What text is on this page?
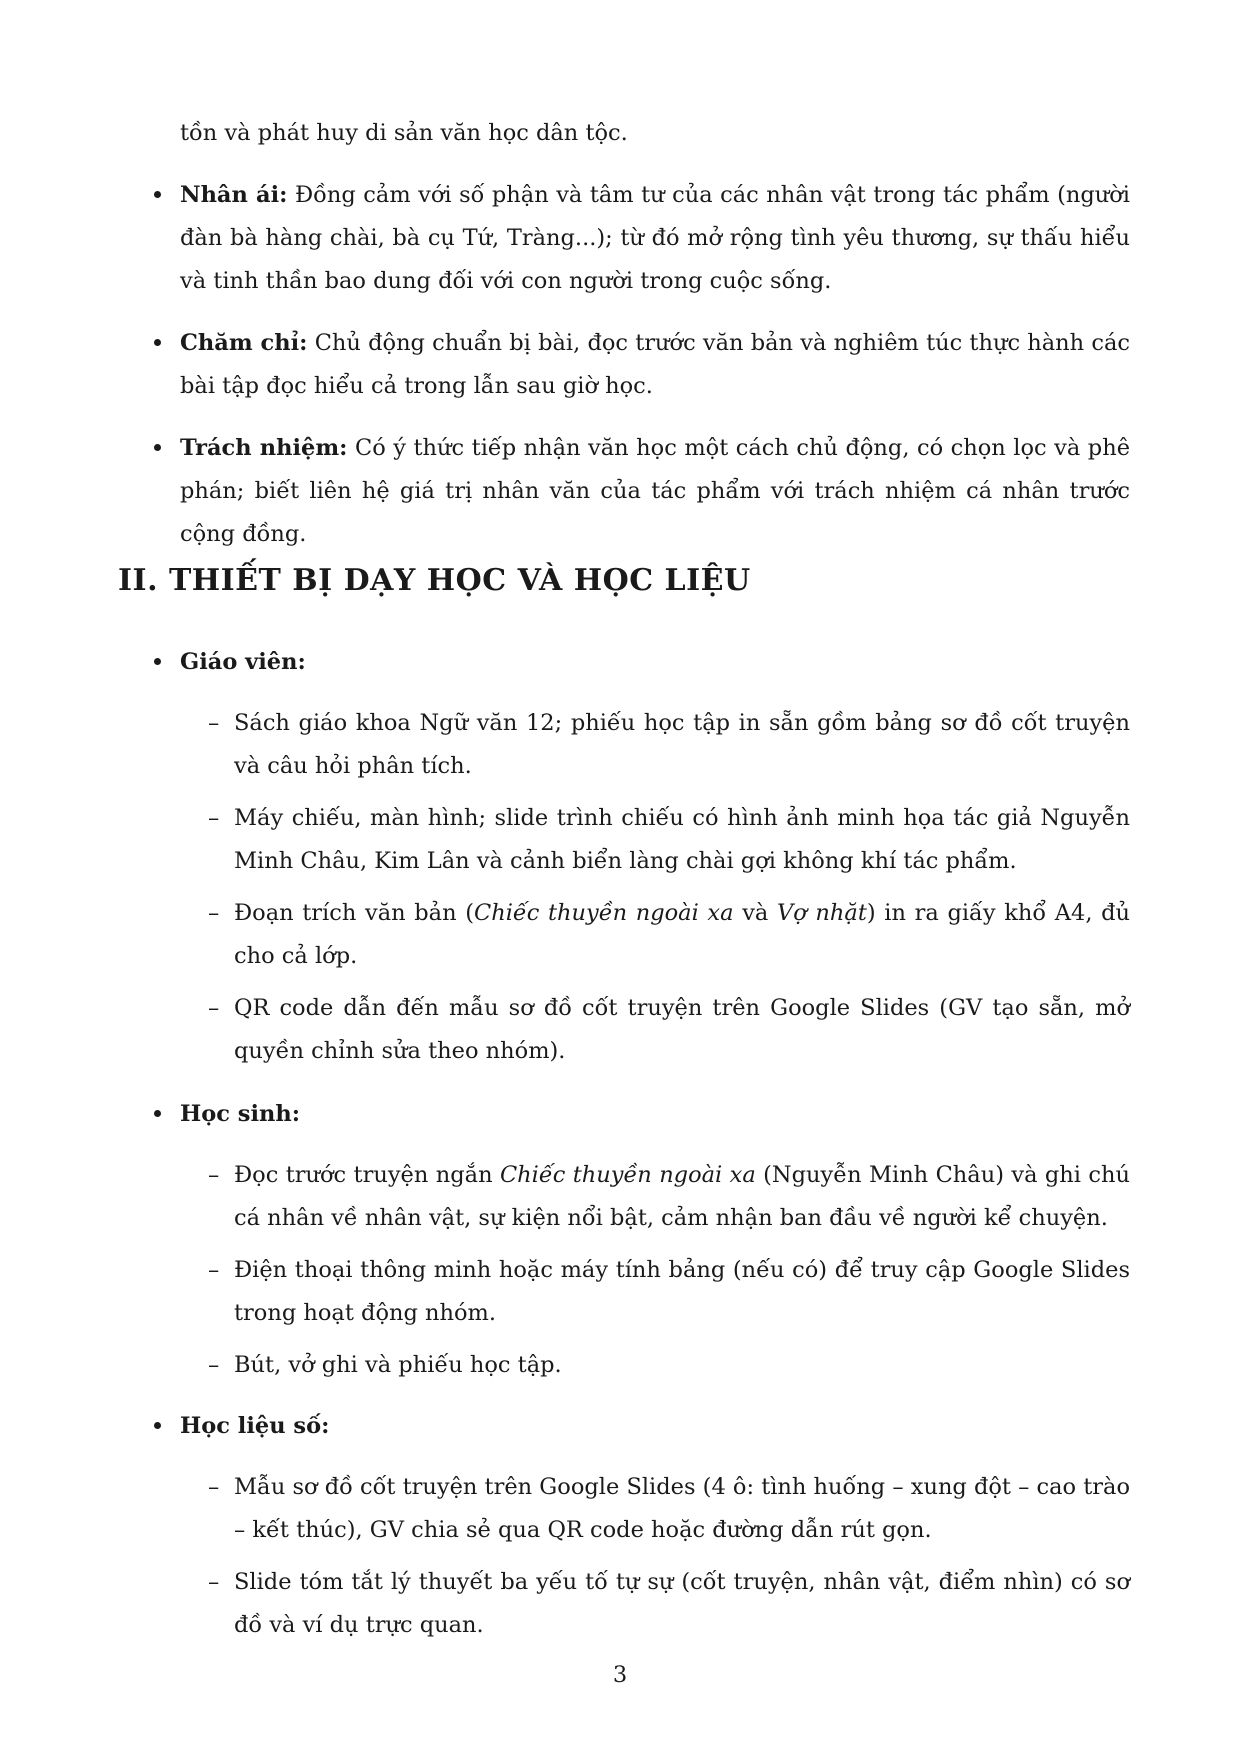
tồn và phát huy di sản văn học dân tộc.
Nhân ái: Đồng cảm với số phận và tâm tư của các nhân vật trong tác phẩm (người đàn bà hàng chài, bà cụ Tứ, Tràng...); từ đó mở rộng tình yêu thương, sự thấu hiểu và tinh thần bao dung đối với con người trong cuộc sống.
Chăm chỉ: Chủ động chuẩn bị bài, đọc trước văn bản và nghiêm túc thực hành các bài tập đọc hiểu cả trong lẫn sau giờ học.
Trách nhiệm: Có ý thức tiếp nhận văn học một cách chủ động, có chọn lọc và phê phán; biết liên hệ giá trị nhân văn của tác phẩm với trách nhiệm cá nhân trước cộng đồng.
II. THIẾT BỊ DẠY HỌC VÀ HỌC LIỆU
Giáo viên:
– Sách giáo khoa Ngữ văn 12; phiếu học tập in sẵn gồm bảng sơ đồ cốt truyện và câu hỏi phân tích.
– Máy chiếu, màn hình; slide trình chiếu có hình ảnh minh họa tác giả Nguyễn Minh Châu, Kim Lân và cảnh biển làng chài gợi không khí tác phẩm.
– Đoạn trích văn bản (Chiếc thuyền ngoài xa và Vợ nhặt) in ra giấy khổ A4, đủ cho cả lớp.
– QR code dẫn đến mẫu sơ đồ cốt truyện trên Google Slides (GV tạo sẵn, mở quyền chỉnh sửa theo nhóm).
Học sinh:
– Đọc trước truyện ngắn Chiếc thuyền ngoài xa (Nguyễn Minh Châu) và ghi chú cá nhân về nhân vật, sự kiện nổi bật, cảm nhận ban đầu về người kể chuyện.
– Điện thoại thông minh hoặc máy tính bảng (nếu có) để truy cập Google Slides trong hoạt động nhóm.
– Bút, vở ghi và phiếu học tập.
Học liệu số:
– Mẫu sơ đồ cốt truyện trên Google Slides (4 ô: tình huống – xung đột – cao trào – kết thúc), GV chia sẻ qua QR code hoặc đường dẫn rút gọn.
– Slide tóm tắt lý thuyết ba yếu tố tự sự (cốt truyện, nhân vật, điểm nhìn) có sơ đồ và ví dụ trực quan.
3
